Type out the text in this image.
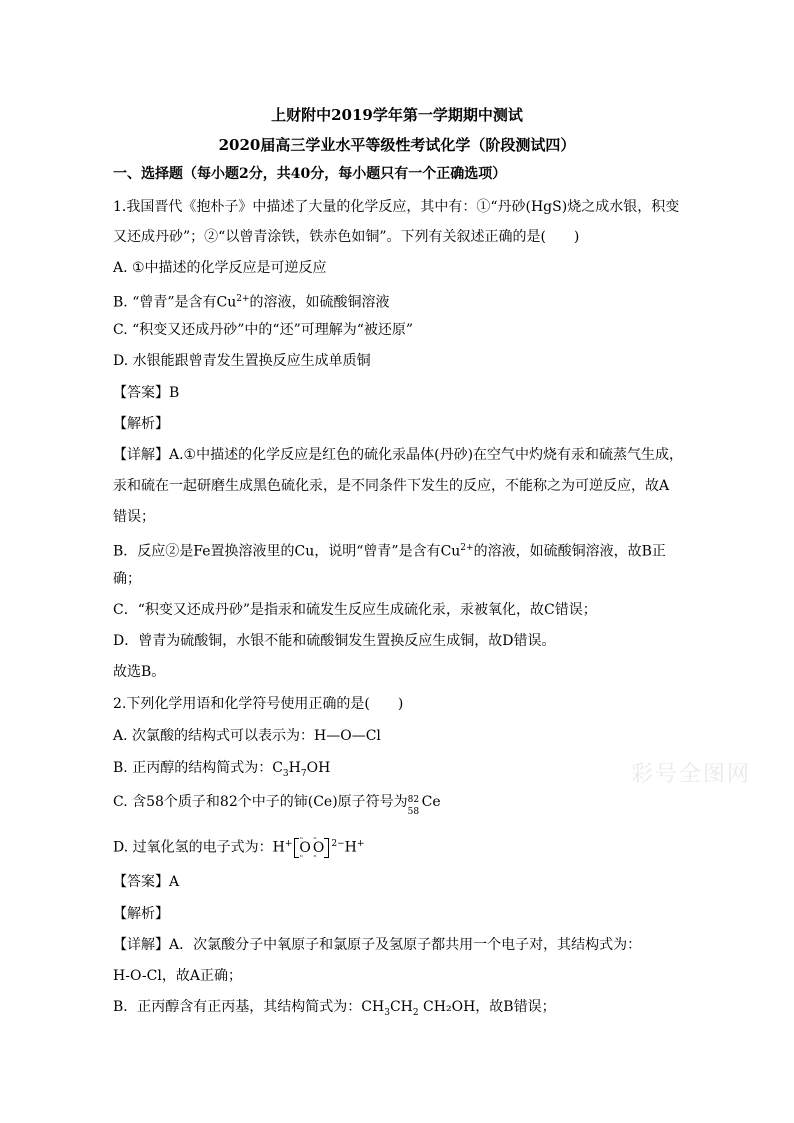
上财附中2019学年第一学期期中测试
2020届高三学业水平等级性考试化学（阶段测试四）
一、选择题（每小题2分，共40分，每小题只有一个正确选项）
1.我国晋代《抱朴子》中描述了大量的化学反应，其中有：①“丹砂(HgS)烧之成水银，积变
又还成丹砂”；②“以曾青涂铁，铁赤色如铜”。下列有关叙述正确的是(　　)
A. ①中描述的化学反应是可逆反应
B. “曾青”是含有$Cu^{2+}$的溶液，如硫酸铜溶液
C. “积变又还成丹砂”中的“还”可理解为“被还原”
D. 水银能跟曾青发生置换反应生成单质铜
【答案】B
【解析】
【详解】A.①中描述的化学反应是红色的硫化汞晶体(丹砂)在空气中灼烧有汞和硫蒸气生成，
汞和硫在一起研磨生成黑色硫化汞，是不同条件下发生的反应，不能称之为可逆反应，故A
错误；
B．反应②是Fe置换溶液里的Cu，说明“曾青”是含有$Cu^{2+}$的溶液，如硫酸铜溶液，故B正
确；
C．“积变又还成丹砂”是指汞和硫发生反应生成硫化汞，汞被氧化，故C错误；
D．曾青为硫酸铜，水银不能和硫酸铜发生置换反应生成铜，故D错误。
故选B。
2.下列化学用语和化学符号使用正确的是(　　)
A. 次氯酸的结构式可以表示为：H—O—Cl
B. 正丙醇的结构简式为：$C_3H_7OH$
C. 含58个质子和82个中子的铈(Ce)原子符号为 82
58
Ce
D. 过氧化氢的电子式为：H+ ·· O ·· ·· O ·· $^{2-}$H+
【答案】A
【解析】
【详解】A．次氯酸分子中氧原子和氯原子及氢原子都共用一个电子对，其结构式为：
H-O-Cl，故A正确；
B．正丙醇含有正丙基，其结构简式为：$CH_3CH_2$ CH₂OH，故B错误；
彩号全图网
